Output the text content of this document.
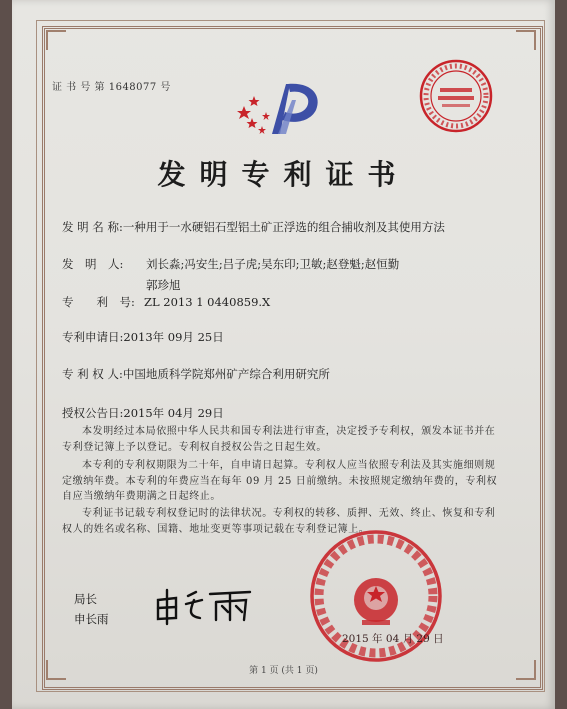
证 书 号 第 1648077 号
发明专利证书
发 明 名 称:一种用于一水硬铝石型铝土矿正浮选的组合捕收剂及其使用方法
发　明　人: 刘长淼;冯安生;吕子虎;吴东印;卫敏;赵登魁;赵恒勤
郭珍旭
专　　利　号: ZL 2013 1 0440859.X
专利申请日:2013年 09月 25日
专 利 权 人:中国地质科学院郑州矿产综合利用研究所
授权公告日:2015年 04月 29日
本发明经过本局依照中华人民共和国专利法进行审查，决定授予专利权，颁发本证书并在专利登记簿上予以登记。专利权自授权公告之日起生效。
本专利的专利权期限为二十年，自申请日起算。专利权人应当依照专利法及其实施细则规定缴纳年费。本专利的年费应当在每年 09 月 25 日前缴纳。未按照规定缴纳年费的，专利权自应当缴纳年费期满之日起终止。
专利证书记载专利权登记时的法律状况。专利权的转移、质押、无效、终止、恢复和专利权人的姓名或名称、国籍、地址变更等事项记载在专利登记簿上。
局长
申长雨
2015 年 04 月 29 日
第 1 页 (共 1 页)
